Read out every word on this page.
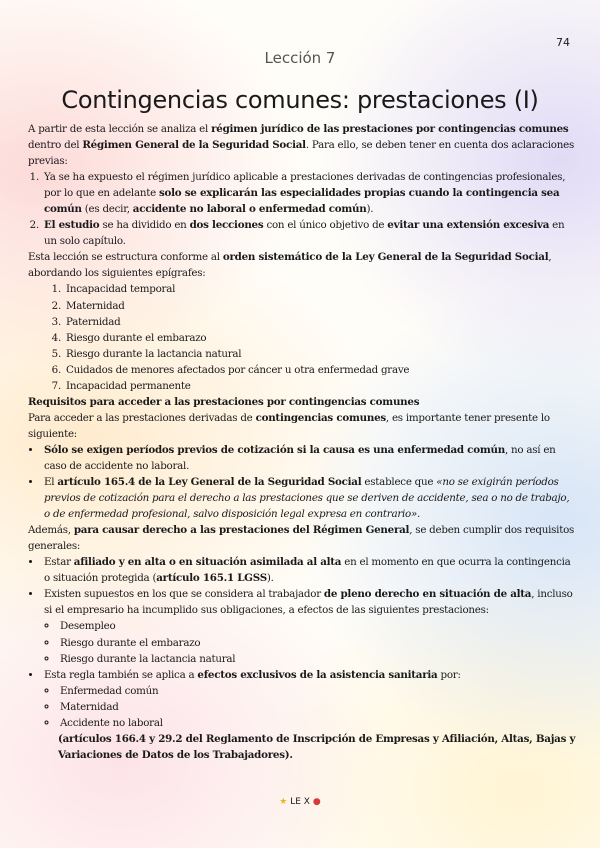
74
Lección 7
Contingencias comunes: prestaciones (I)

A partir de esta lección se analiza el régimen jurídico de las prestaciones por contingencias comunes dentro del Régimen General de la Seguridad Social. Para ello, se deben tener en cuenta dos aclaraciones previas:

1. Ya se ha expuesto el régimen jurídico aplicable a prestaciones derivadas de contingencias profesionales, por lo que en adelante solo se explicarán las especialidades propias cuando la contingencia sea común (es decir, accidente no laboral o enfermedad común).
2. El estudio se ha dividido en dos lecciones con el único objetivo de evitar una extensión excesiva en un solo capítulo.

Esta lección se estructura conforme al orden sistemático de la Ley General de la Seguridad Social, abordando los siguientes epígrafes:

1. Incapacidad temporal
2. Maternidad
3. Paternidad
4. Riesgo durante el embarazo
5. Riesgo durante la lactancia natural
6. Cuidados de menores afectados por cáncer u otra enfermedad grave
7. Incapacidad permanente

Requisitos para acceder a las prestaciones por contingencias comunes

Para acceder a las prestaciones derivadas de contingencias comunes, es importante tener presente lo siguiente:

• Sólo se exigen períodos previos de cotización si la causa es una enfermedad común, no así en caso de accidente no laboral.
• El artículo 165.4 de la Ley General de la Seguridad Social establece que «no se exigirán períodos previos de cotización para el derecho a las prestaciones que se deriven de accidente, sea o no de trabajo, o de enfermedad profesional, salvo disposición legal expresa en contrario».

Además, para causar derecho a las prestaciones del Régimen General, se deben cumplir dos requisitos generales:

• Estar afiliado y en alta o en situación asimilada al alta en el momento en que ocurra la contingencia o situación protegida (artículo 165.1 LGSS).
• Existen supuestos en los que se considera al trabajador de pleno derecho en situación de alta, incluso si el empresario ha incumplido sus obligaciones, a efectos de las siguientes prestaciones:
◦ Desempleo
◦ Riesgo durante el embarazo
◦ Riesgo durante la lactancia natural
• Esta regla también se aplica a efectos exclusivos de la asistencia sanitaria por:
◦ Enfermedad común
◦ Maternidad
◦ Accidente no laboral

(artículos 166.4 y 29.2 del Reglamento de Inscripción de Empresas y Afiliación, Altas, Bajas y Variaciones de Datos de los Trabajadores).

★ LE X ●
